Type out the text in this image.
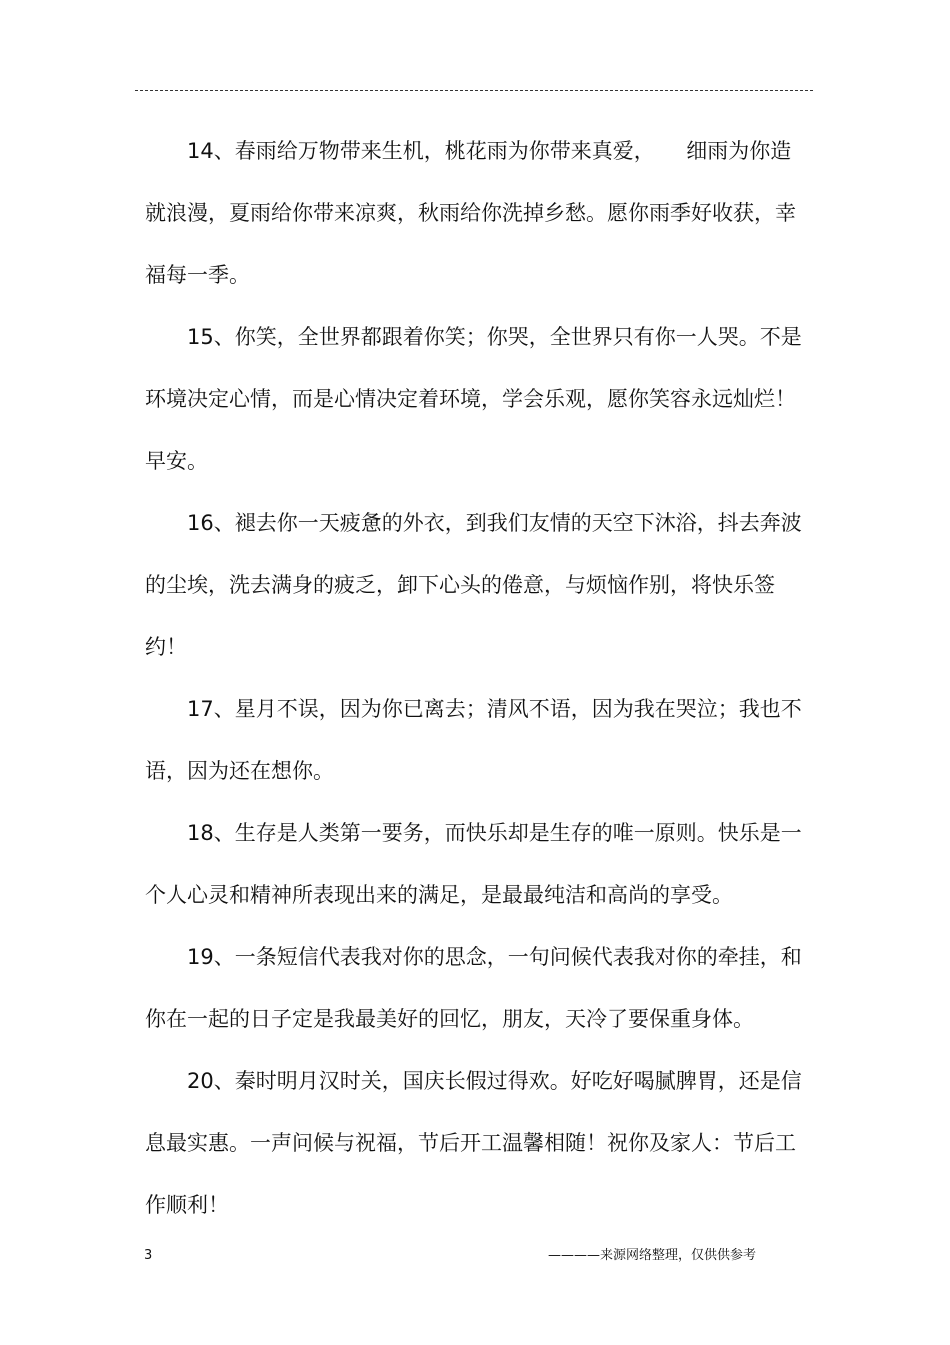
14、春雨给万物带来生机，桃花雨为你带来真爱，　　细雨为你造就浪漫，夏雨给你带来凉爽，秋雨给你洗掉乡愁。愿你雨季好收获，幸福每一季。

15、你笑，全世界都跟着你笑；你哭，全世界只有你一人哭。不是环境决定心情，而是心情决定着环境，学会乐观，愿你笑容永远灿烂！早安。

16、褪去你一天疲惫的外衣，到我们友情的天空下沐浴，抖去奔波的尘埃，洗去满身的疲乏，卸下心头的倦意，与烦恼作别，将快乐签约！

17、星月不误，因为你已离去；清风不语，因为我在哭泣；我也不语，因为还在想你。

18、生存是人类第一要务，而快乐却是生存的唯一原则。快乐是一个人心灵和精神所表现出来的满足，是最最纯洁和高尚的享受。

19、一条短信代表我对你的思念，一句问候代表我对你的牵挂，和你在一起的日子定是我最美好的回忆，朋友，天冷了要保重身体。

20、秦时明月汉时关，国庆长假过得欢。好吃好喝腻脾胃，还是信息最实惠。一声问候与祝福，节后开工温馨相随！祝你及家人：节后工作顺利！

3	————来源网络整理，仅供供参考
